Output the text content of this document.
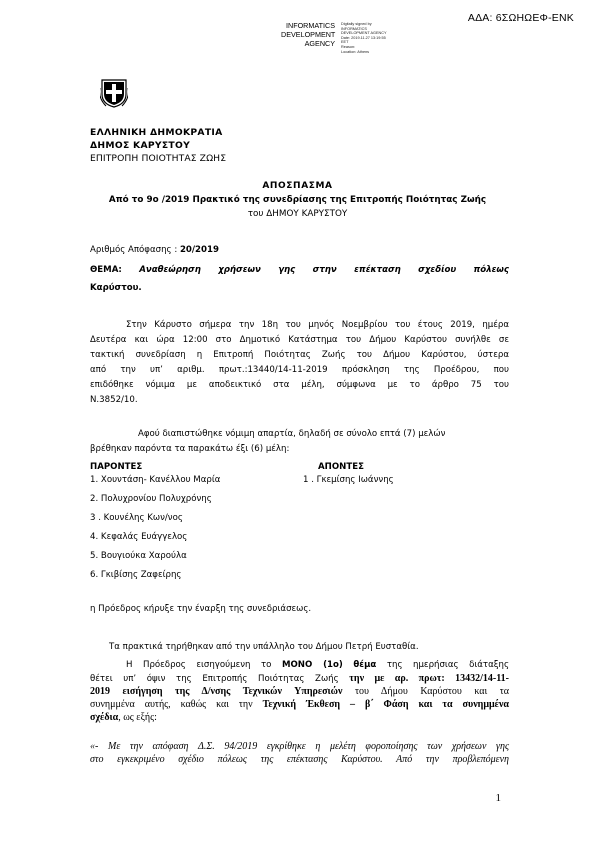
ΑΔΑ: 6ΣΩΗΩΕΦ-ΕΝΚ
INFORMATICS
DEVELOPMENT
AGENCY
Digitally signed by
INFORMATICS
DEVELOPMENT AGENCY
Date: 2019.11.27 13:19:55
EET
Reason:
Location: Athens
ΕΛΛΗΝΙΚΗ ΔΗΜΟΚΡΑΤΙΑ
ΔΗΜΟΣ ΚΑΡΥΣΤΟΥ
ΕΠΙΤΡΟΠΗ ΠΟΙΟΤΗΤΑΣ ΖΩΗΣ
ΑΠΟΣΠΑΣΜΑ
Από το 9ο /2019 Πρακτικό της συνεδρίασης της Επιτροπής Ποιότητας Ζωής
του ΔΗΜΟΥ ΚΑΡΥΣΤΟΥ
Αριθμός Απόφασης : 20/2019
ΘΕΜΑ: Αναθεώρηση χρήσεων γης στην επέκταση σχεδίου πόλεως
Καρύστου.
Στην Κάρυστο σήμερα την 18η του μηνός Νοεμβρίου του έτους 2019, ημέρα
Δευτέρα και ώρα 12:00 στο Δημοτικό Κατάστημα του Δήμου Καρύστου συνήλθε σε
τακτική συνεδρίαση η Επιτροπή Ποιότητας Ζωής του Δήμου Καρύστου, ύστερα
από την υπ’ αριθμ. πρωτ.:13440/14-11-2019 πρόσκληση της Προέδρου, που
επιδόθηκε νόμιμα με αποδεικτικό στα μέλη, σύμφωνα με το άρθρο 75 του
Ν.3852/10.
Αφού διαπιστώθηκε νόμιμη απαρτία, δηλαδή σε σύνολο επτά (7) μελών
βρέθηκαν παρόντα τα παρακάτω έξι (6) μέλη:
ΠΑΡΟΝΤΕΣ	ΑΠΟΝΤΕΣ
1. Χουντάση- Κανέλλου Μαρία	1 . Γκεμίσης Ιωάννης
2. Πολυχρονίου Πολυχρόνης
3 . Κουνέλης Κων/νος
4. Κεφαλάς Ευάγγελος
5. Βουγιούκα Χαρούλα
6. Γκιβίσης Ζαφείρης
η Πρόεδρος κήρυξε την έναρξη της συνεδριάσεως.
Τα πρακτικά τηρήθηκαν από την υπάλληλο του Δήμου Πετρή Ευσταθία.
Η Πρόεδρος εισηγούμενη το ΜΟΝΟ (1ο) θέμα της ημερήσιας διάταξης
θέτει υπ’ όψιν της Επιτροπής Ποιότητας Ζωής την με αρ. πρωτ: 13432/14-11-
2019 εισήγηση της Δ/νσης Τεχνικών Υπηρεσιών του Δήμου Καρύστου και τα
συνημμένα αυτής, καθώς και την Τεχνική Έκθεση – β΄ Φάση και τα συνημμένα
σχέδια, ως εξής:
«- Με την απόφαση Δ.Σ. 94/2019 εγκρίθηκε η μελέτη φοροποίησης των χρήσεων γης
στο εγκεκριμένο σχέδιο πόλεως της επέκτασης Καρύστου. Από την προβλεπόμενη
1
